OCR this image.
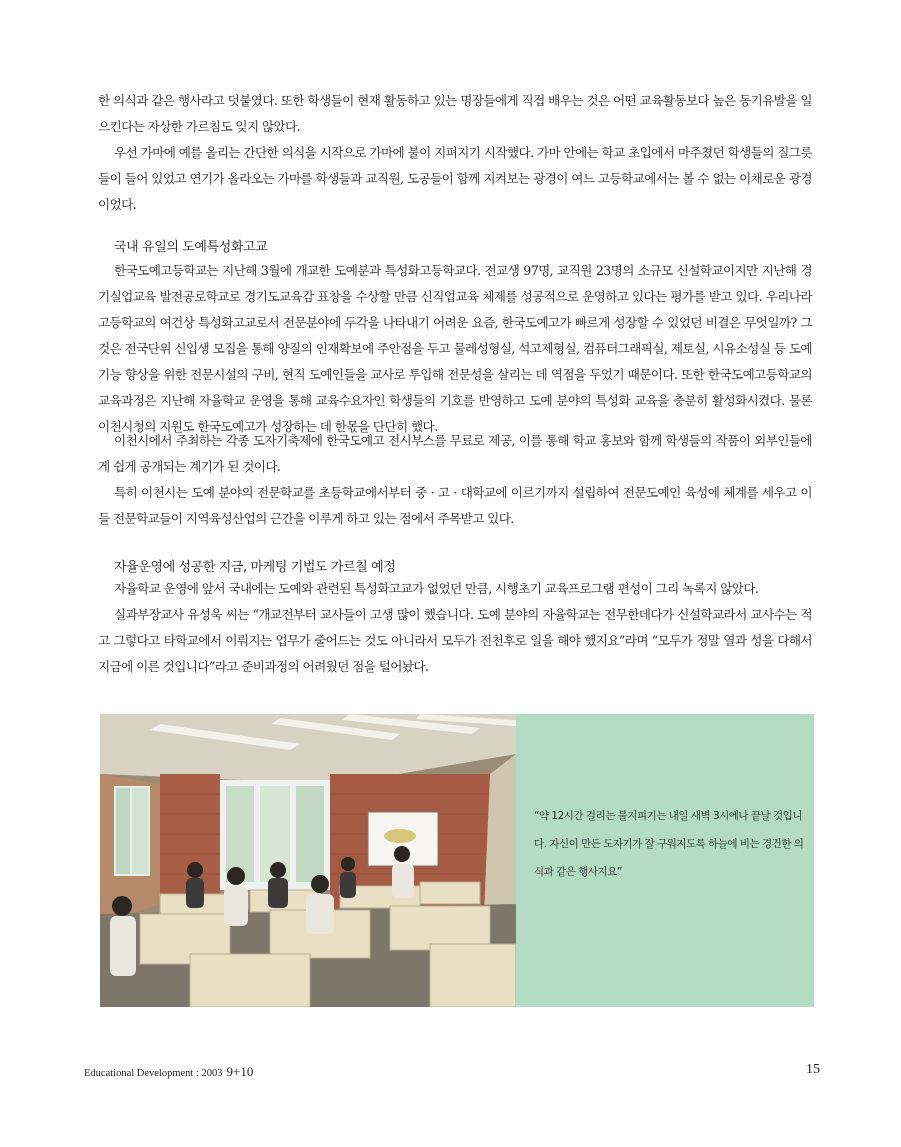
한 의식과 같은 행사라고 덧붙였다. 또한 학생들이 현재 활동하고 있는 명장들에게 직접 배우는 것은 어떤 교육활동보다 높은 동기유발을 일으킨다는 자상한 가르침도 잊지 않았다.

우선 가마에 예를 올리는 간단한 의식을 시작으로 가마에 불이 지펴지기 시작했다. 가마 안에는 학교 초입에서 마주쳤던 학생들의 질그릇들이 들어 있었고 연기가 올라오는 가마를 학생들과 교직원, 도공들이 함께 지켜보는 광경이 여느 고등학교에서는 볼 수 없는 이채로운 광경이었다.

국내 유일의 도예특성화고교

한국도예고등학교는 지난해 3월에 개교한 도예분과 특성화고등학교다. 전교생 97명, 교직원 23명의 소규모 신설학교이지만 지난해 경기실업교육 발전공로학교로 경기도교육감 표창을 수상할 만큼 신직업교육 체제를 성공적으로 운영하고 있다는 평가를 받고 있다. 우리나라 고등학교의 여건상 특성화고교로서 전문분야에 두각을 나타내기 어려운 요즘, 한국도예고가 빠르게 성장할 수 있었던 비결은 무엇일까? 그것은 전국단위 신입생 모집을 통해 양질의 인재확보에 주안점을 두고 물레성형실, 석고제형실, 컴퓨터그래픽실, 제토실, 시유소성실 등 도예기능 향상을 위한 전문시설의 구비, 현직 도예인들을 교사로 투입해 전문성을 살리는 데 역점을 두었기 때문이다. 또한 한국도예고등학교의 교육과정은 지난해 자율학교 운영을 통해 교육수요자인 학생들의 기호를 반영하고 도예 분야의 특성화 교육을 충분히 활성화시켰다. 물론 이천시청의 지원도 한국도예고가 성장하는 데 한몫을 단단히 했다.

이천시에서 주최하는 각종 도자기축제에 한국도예고 전시부스를 무료로 제공, 이를 통해 학교 홍보와 함께 학생들의 작품이 외부인들에게 쉽게 공개되는 계기가 된 것이다.

특히 이천시는 도예 분야의 전문학교를 초등학교에서부터 중 · 고 · 대학교에 이르기까지 설립하여 전문도예인 육성에 체계를 세우고 이들 전문학교들이 지역육성산업의 근간을 이루게 하고 있는 점에서 주목받고 있다.

자율운영에 성공한 지금, 마케팅 기법도 가르칠 예정

자율학교 운영에 앞서 국내에는 도예와 관련된 특성화고교가 없었던 만큼, 시행초기 교육프로그램 편성이 그리 녹록지 않았다.

실과부장교사 유성욱 씨는 “개교전부터 교사들이 고생 많이 했습니다. 도예 분야의 자율학교는 전무한데다가 신설학교라서 교사수는 적고 그렇다고 타학교에서 이뤄지는 업무가 줄어드는 것도 아니라서 모두가 전천후로 일을 해야 했지요”라며 “모두가 정말 열과 성을 다해서 지금에 이른 것입니다”라고 준비과정의 어려웠던 점을 털어놨다.

“약 12시간 걸리는 불지피기는 내일 새벽 3시에나 끝날 것입니다. 자신이 만든 도자기가 잘 구워지도록 하늘에 비는 경건한 의식과 같은 행사지요”

Educational Development : 2003 9+10	15
